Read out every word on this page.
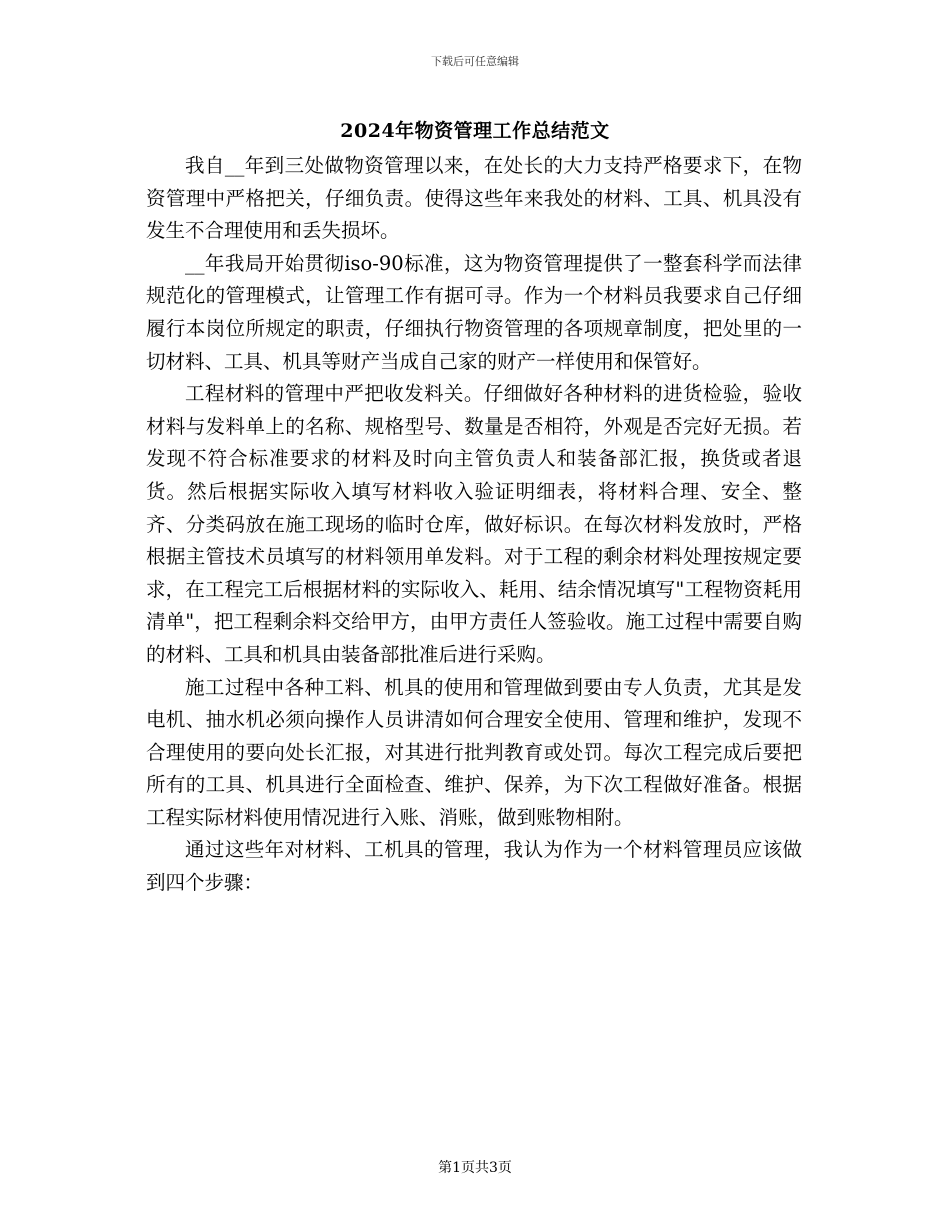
下载后可任意编辑
2024年物资管理工作总结范文

我自__年到三处做物资管理以来，在处长的大力支持严格要求下，在物资管理中严格把关，仔细负责。使得这些年来我处的材料、工具、机具没有发生不合理使用和丢失损坏。

__年我局开始贯彻iso-90标准，这为物资管理提供了一整套科学而法律规范化的管理模式，让管理工作有据可寻。作为一个材料员我要求自己仔细履行本岗位所规定的职责，仔细执行物资管理的各项规章制度，把处里的一切材料、工具、机具等财产当成自己家的财产一样使用和保管好。

工程材料的管理中严把收发料关。仔细做好各种材料的进货检验，验收材料与发料单上的名称、规格型号、数量是否相符，外观是否完好无损。若发现不符合标准要求的材料及时向主管负责人和装备部汇报，换货或者退货。然后根据实际收入填写材料收入验证明细表，将材料合理、安全、整齐、分类码放在施工现场的临时仓库，做好标识。在每次材料发放时，严格根据主管技术员填写的材料领用单发料。对于工程的剩余材料处理按规定要求，在工程完工后根据材料的实际收入、耗用、结余情况填写"工程物资耗用清单"，把工程剩余料交给甲方，由甲方责任人签验收。施工过程中需要自购的材料、工具和机具由装备部批准后进行采购。

施工过程中各种工料、机具的使用和管理做到要由专人负责，尤其是发电机、抽水机必须向操作人员讲清如何合理安全使用、管理和维护，发现不合理使用的要向处长汇报，对其进行批判教育或处罚。每次工程完成后要把所有的工具、机具进行全面检查、维护、保养，为下次工程做好准备。根据工程实际材料使用情况进行入账、消账，做到账物相附。

通过这些年对材料、工机具的管理，我认为作为一个材料管理员应该做到四个步骤：

第1页共3页
